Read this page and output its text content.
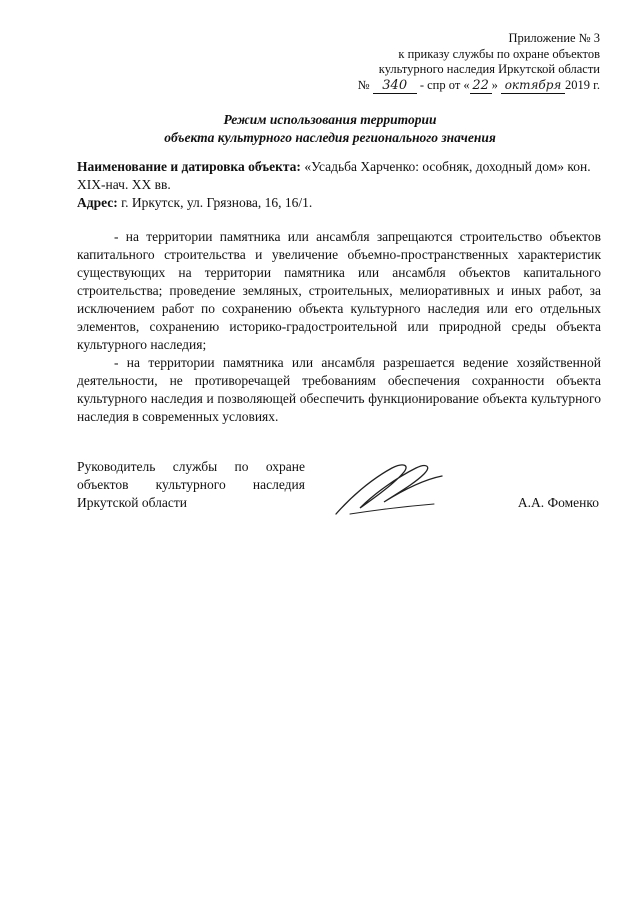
Приложение № 3
к приказу службы по охране объектов
культурного наследия Иркутской области
№ 340 - спр от « 22 » октября 2019 г.
Режим использования территории
объекта культурного наследия регионального значения
Наименование и датировка объекта: «Усадьба Харченко: особняк, доходный дом» кон. XIX-нач. XX вв.
Адрес: г. Иркутск, ул. Грязнова, 16, 16/1.

- на территории памятника или ансамбля запрещаются строительство объектов капитального строительства и увеличение объемно-пространственных характеристик существующих на территории памятника или ансамбля объектов капитального строительства; проведение земляных, строительных, мелиоративных и иных работ, за исключением работ по сохранению объекта культурного наследия или его отдельных элементов, сохранению историко-градостроительной или природной среды объекта культурного наследия;

- на территории памятника или ансамбля разрешается ведение хозяйственной деятельности, не противоречащей требованиям обеспечения сохранности объекта культурного наследия и позволяющей обеспечить функционирование объекта культурного наследия в современных условиях.

Руководитель службы по охране
объектов культурного наследия
Иркутской области	А.А. Фоменко
